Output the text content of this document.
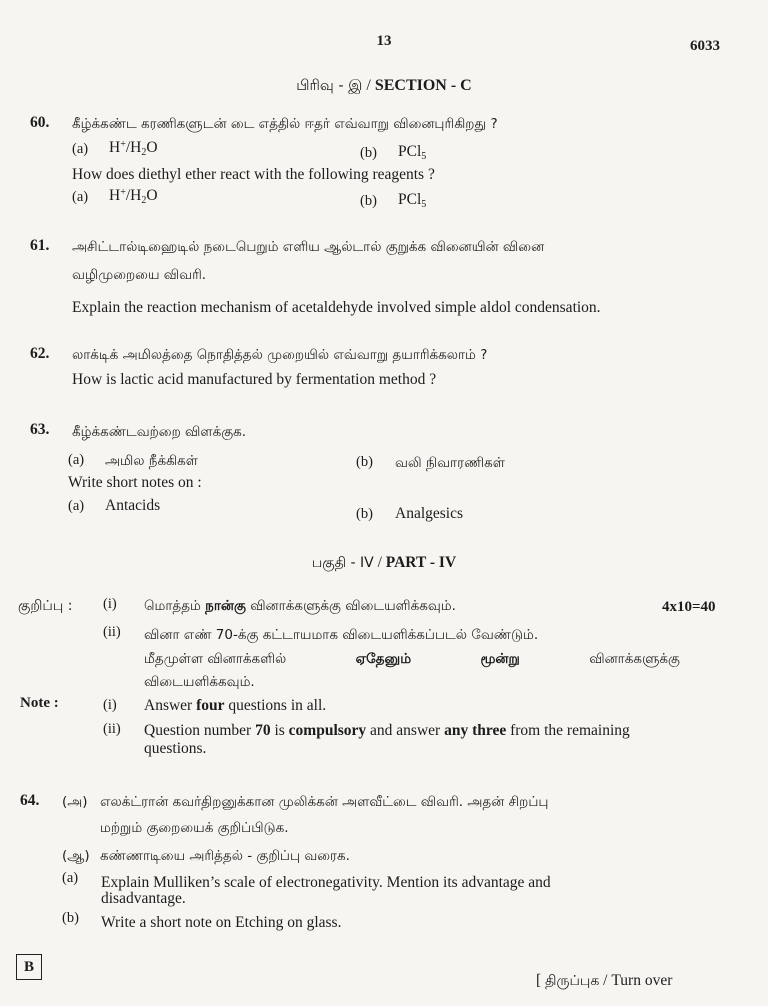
13	6033
பிரிவு - இ / SECTION - C
60. கீழ்க்கண்ட கரணிகளுடன் டை எத்தில் ஈதர் எவ்வாறு வினைபுரிகிறது ?
(a) $H^+/H_2O$	(b) PCl$_5$
How does diethyl ether react with the following reagents ?
(a) $H^+/H_2O$	(b) PCl$_5$
61. அசிட்டால்டிஹைடில் நடைபெறும் எளிய ஆல்டால் குறுக்க வினையின் வினை
வழிமுறையை விவரி.
Explain the reaction mechanism of acetaldehyde involved simple aldol condensation.
62. லாக்டிக் அமிலத்தை நொதித்தல் முறையில் எவ்வாறு தயாரிக்கலாம் ?
How is lactic acid manufactured by fermentation method ?
63. கீழ்க்கண்டவற்றை விளக்குக.
(a) அமில நீக்கிகள்	(b) வலி நிவாரணிகள்
Write short notes on :
(a) Antacids	(b) Analgesics
பகுதி - IV / PART - IV
குறிப்பு : (i) மொத்தம் நான்கு வினாக்களுக்கு விடையளிக்கவும்.	4x10=40
(ii) வினா எண் 70-க்கு கட்டாயமாக விடையளிக்கப்படல் வேண்டும்.
மீதமுள்ள வினாக்களில்	ஏதேனும்	மூன்று	வினாக்களுக்கு
விடையளிக்கவும்.
Note :	(i) Answer four questions in all.
(ii) Question number 70 is compulsory and answer any three from the remaining
questions.
64. (அ) எலக்ட்ரான் கவர்திறனுக்கான முலிக்கன் அளவீட்டை விவரி. அதன் சிறப்பு
மற்றும் குறையைக் குறிப்பிடுக.
(ஆ) கண்ணாடியை அரித்தல் - குறிப்பு வரைக.
(a) Explain Mulliken’s scale of electronegativity. Mention its advantage and
disadvantage.
(b) Write a short note on Etching on glass.
B
[ திருப்புக / Turn over
